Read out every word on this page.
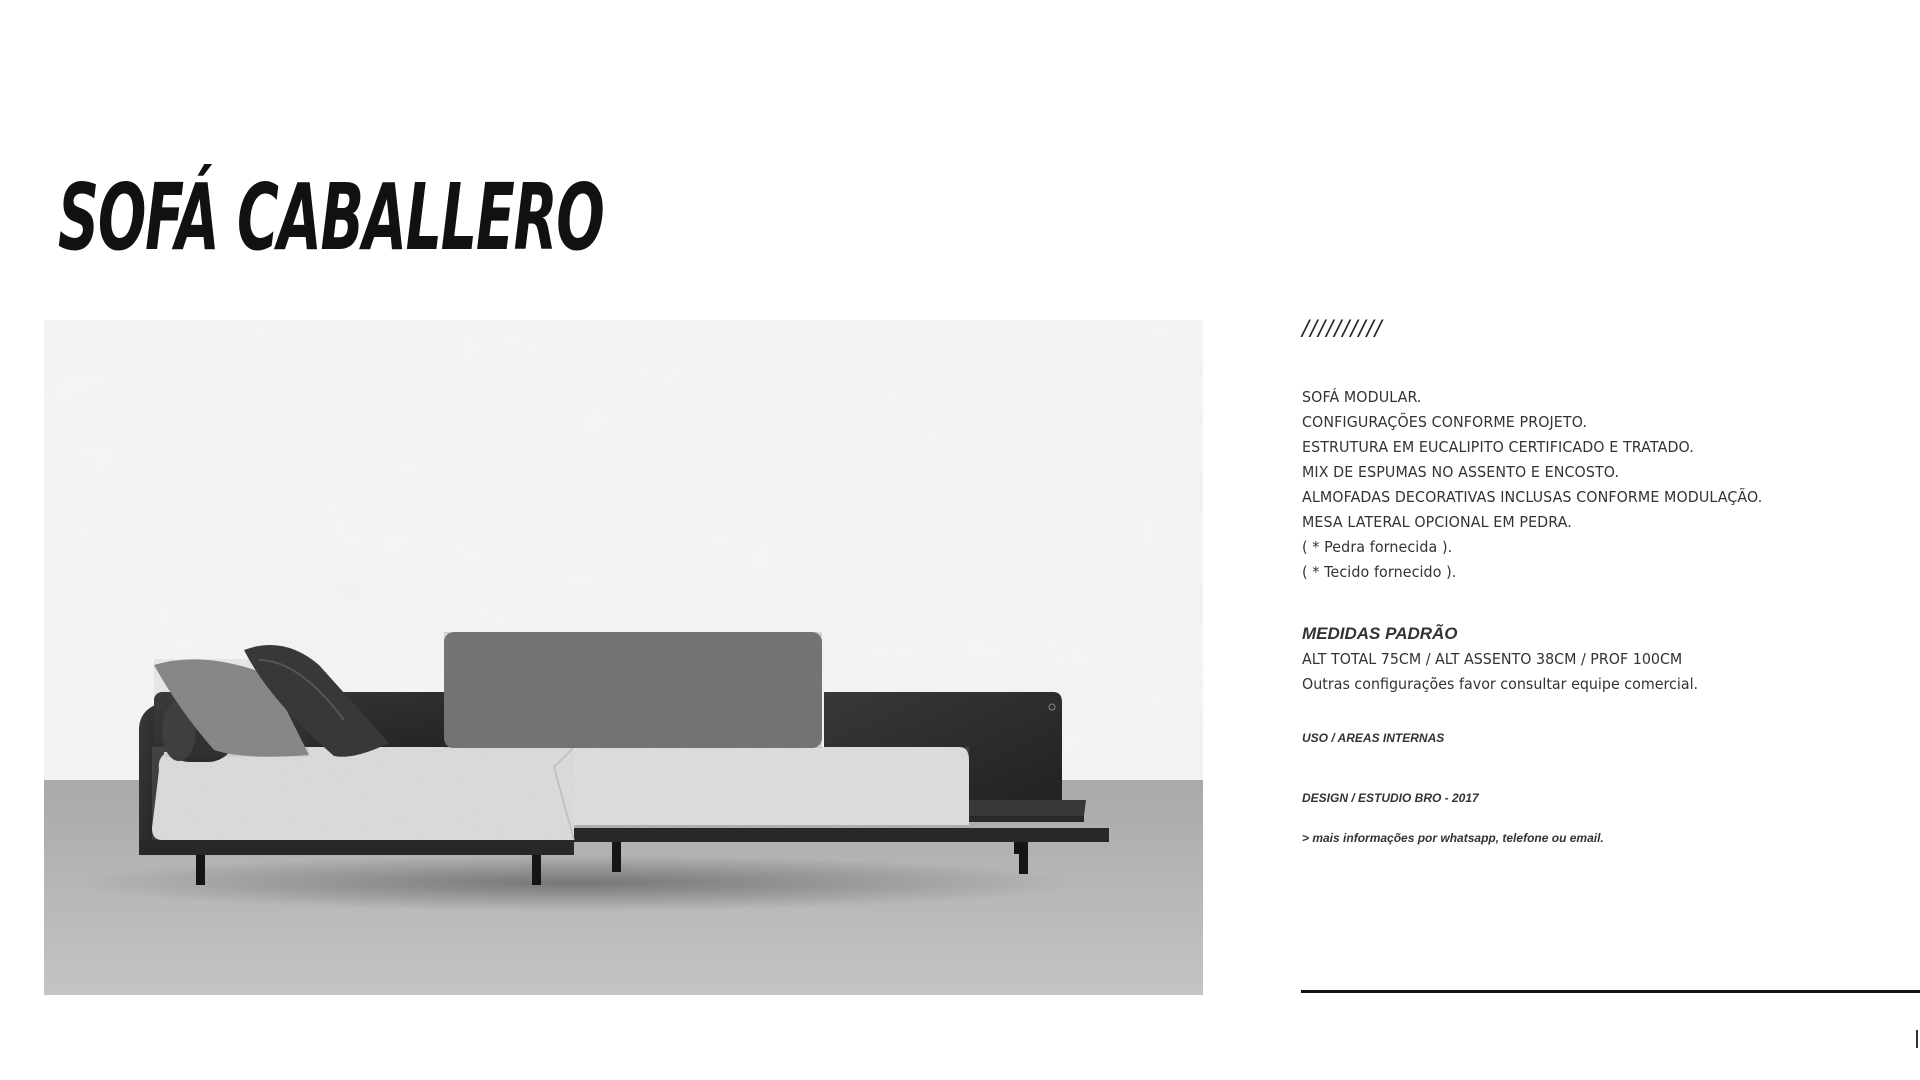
SOFÁ CABALLERO

//////////

SOFÁ MODULAR.
CONFIGURAÇÕES CONFORME PROJETO.
ESTRUTURA EM EUCALIPITO CERTIFICADO E TRATADO.
MIX DE ESPUMAS NO ASSENTO E ENCOSTO.
ALMOFADAS DECORATIVAS INCLUSAS CONFORME MODULAÇÃO.
MESA LATERAL OPCIONAL EM PEDRA.
( * Pedra fornecida ).
( * Tecido fornecido ).

MEDIDAS PADRÃO

ALT TOTAL 75CM / ALT ASSENTO 38CM / PROF 100CM

Outras configurações favor consultar equipe comercial.

USO / AREAS INTERNAS

DESIGN / ESTUDIO BRO - 2017

> mais informações por whatsapp, telefone ou email.
